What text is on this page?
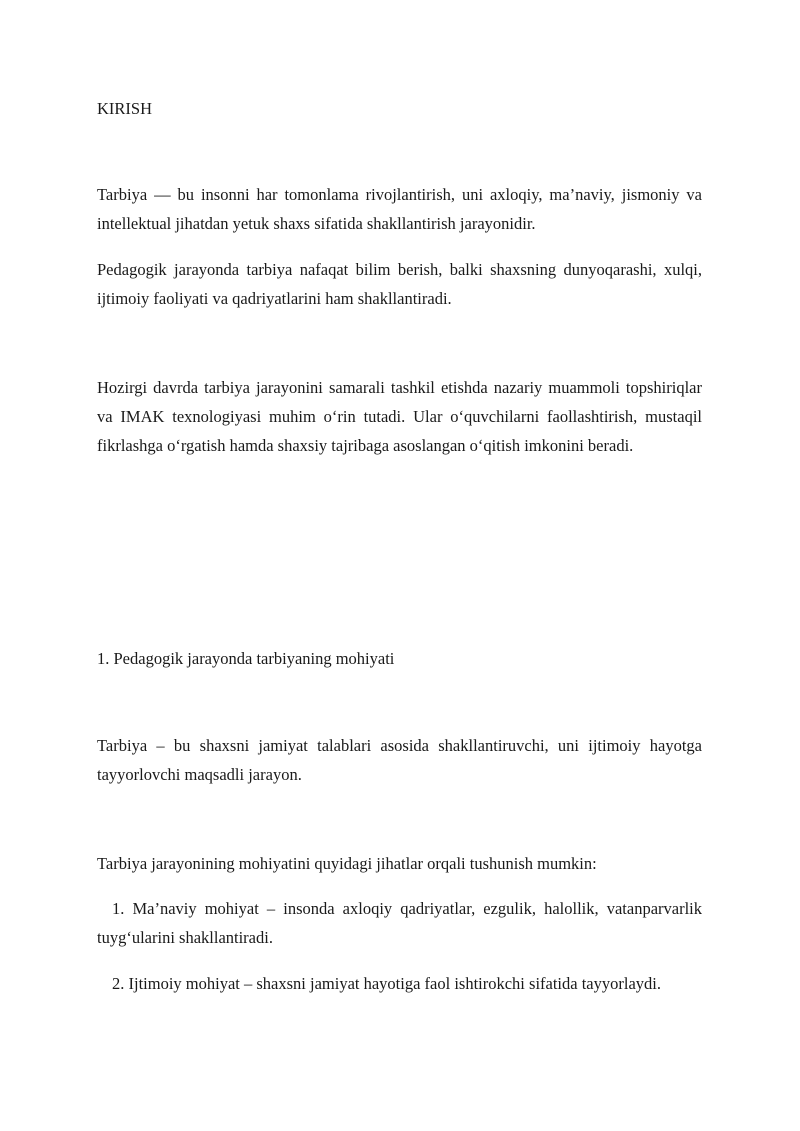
KIRISH

Tarbiya — bu insonni har tomonlama rivojlantirish, uni axloqiy, ma’naviy, jismoniy va intellektual jihatdan yetuk shaxs sifatida shakllantirish jarayonidir.

Pedagogik jarayonda tarbiya nafaqat bilim berish, balki shaxsning dunyoqarashi, xulqi, ijtimoiy faoliyati va qadriyatlarini ham shakllantiradi.

Hozirgi davrda tarbiya jarayonini samarali tashkil etishda nazariy muammoli topshiriqlar va IMAK texnologiyasi muhim o‘rin tutadi. Ular o‘quvchilarni faollashtirish, mustaqil fikrlashga o‘rgatish hamda shaxsiy tajribaga asoslangan o‘qitish imkonini beradi.

1. Pedagogik jarayonda tarbiyaning mohiyati

Tarbiya – bu shaxsni jamiyat talablari asosida shakllantiruvchi, uni ijtimoiy hayotga tayyorlovchi maqsadli jarayon.

Tarbiya jarayonining mohiyatini quyidagi jihatlar orqali tushunish mumkin:

1. Ma’naviy mohiyat – insonda axloqiy qadriyatlar, ezgulik, halollik, vatanparvarlik tuyg‘ularini shakllantiradi.

2. Ijtimoiy mohiyat – shaxsni jamiyat hayotiga faol ishtirokchi sifatida tayyorlaydi.
